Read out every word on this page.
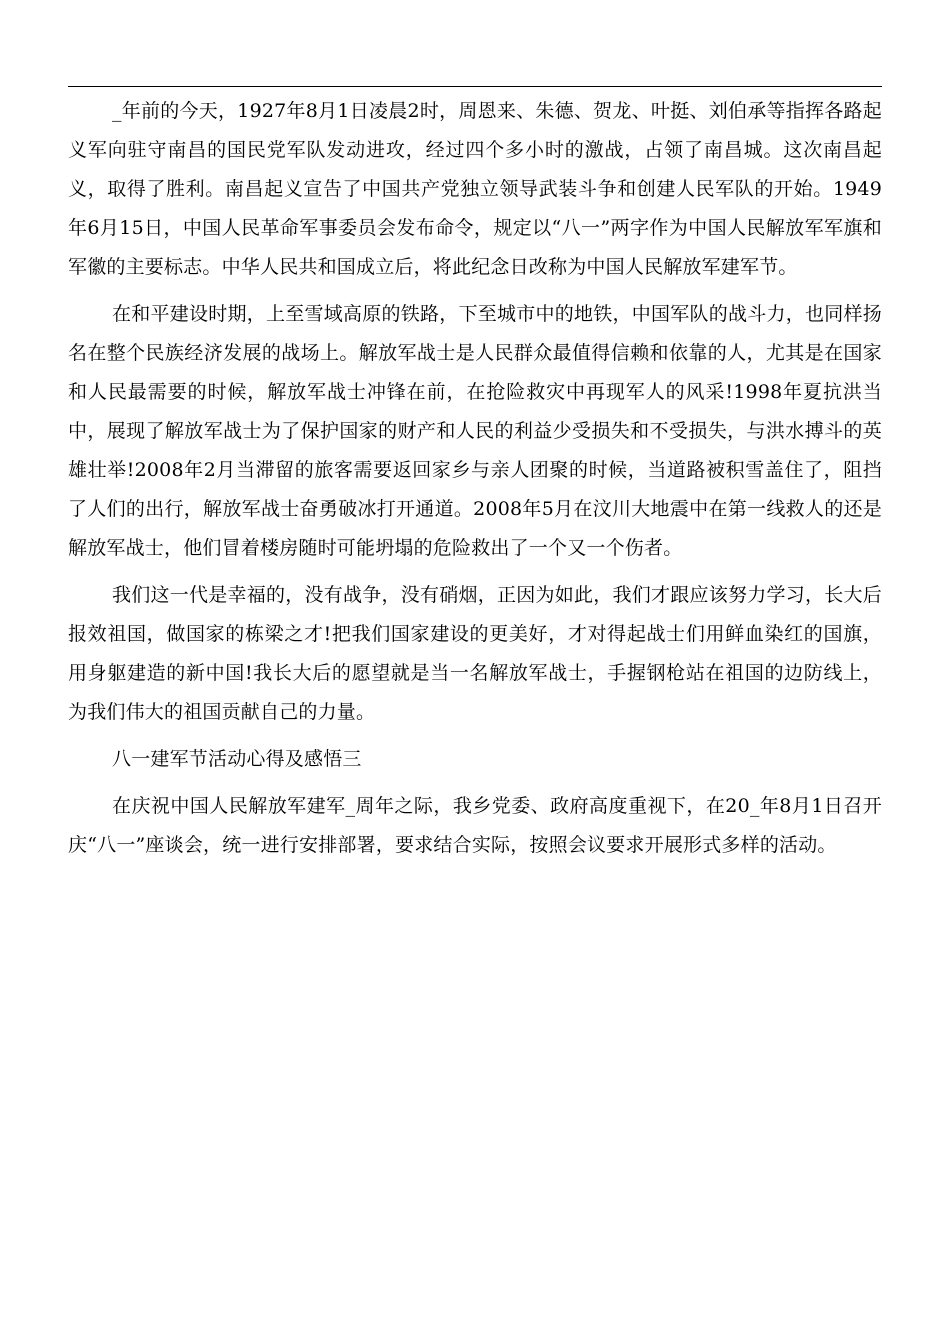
_年前的今天，1927年8月1日凌晨2时，周恩来、朱德、贺龙、叶挺、刘伯承等指挥各路起义军向驻守南昌的国民党军队发动进攻，经过四个多小时的激战，占领了南昌城。这次南昌起义，取得了胜利。南昌起义宣告了中国共产党独立领导武装斗争和创建人民军队的开始。1949年6月15日，中国人民革命军事委员会发布命令，规定以“八一”两字作为中国人民解放军军旗和军徽的主要标志。中华人民共和国成立后，将此纪念日改称为中国人民解放军建军节。

在和平建设时期，上至雪域高原的铁路，下至城市中的地铁，中国军队的战斗力，也同样扬名在整个民族经济发展的战场上。解放军战士是人民群众最值得信赖和依靠的人，尤其是在国家和人民最需要的时候，解放军战士冲锋在前，在抢险救灾中再现军人的风采!1998年夏抗洪当中，展现了解放军战士为了保护国家的财产和人民的利益少受损失和不受损失，与洪水搏斗的英雄壮举!2008年2月当滞留的旅客需要返回家乡与亲人团聚的时候，当道路被积雪盖住了，阻挡了人们的出行，解放军战士奋勇破冰打开通道。2008年5月在汶川大地震中在第一线救人的还是解放军战士，他们冒着楼房随时可能坍塌的危险救出了一个又一个伤者。

我们这一代是幸福的，没有战争，没有硝烟，正因为如此，我们才跟应该努力学习，长大后报效祖国，做国家的栋梁之才!把我们国家建设的更美好，才对得起战士们用鲜血染红的国旗，用身躯建造的新中国!我长大后的愿望就是当一名解放军战士，手握钢枪站在祖国的边防线上，为我们伟大的祖国贡献自己的力量。

八一建军节活动心得及感悟三

在庆祝中国人民解放军建军_周年之际，我乡党委、政府高度重视下，在20_年8月1日召开庆“八一”座谈会，统一进行安排部署，要求结合实际，按照会议要求开展形式多样的活动。
